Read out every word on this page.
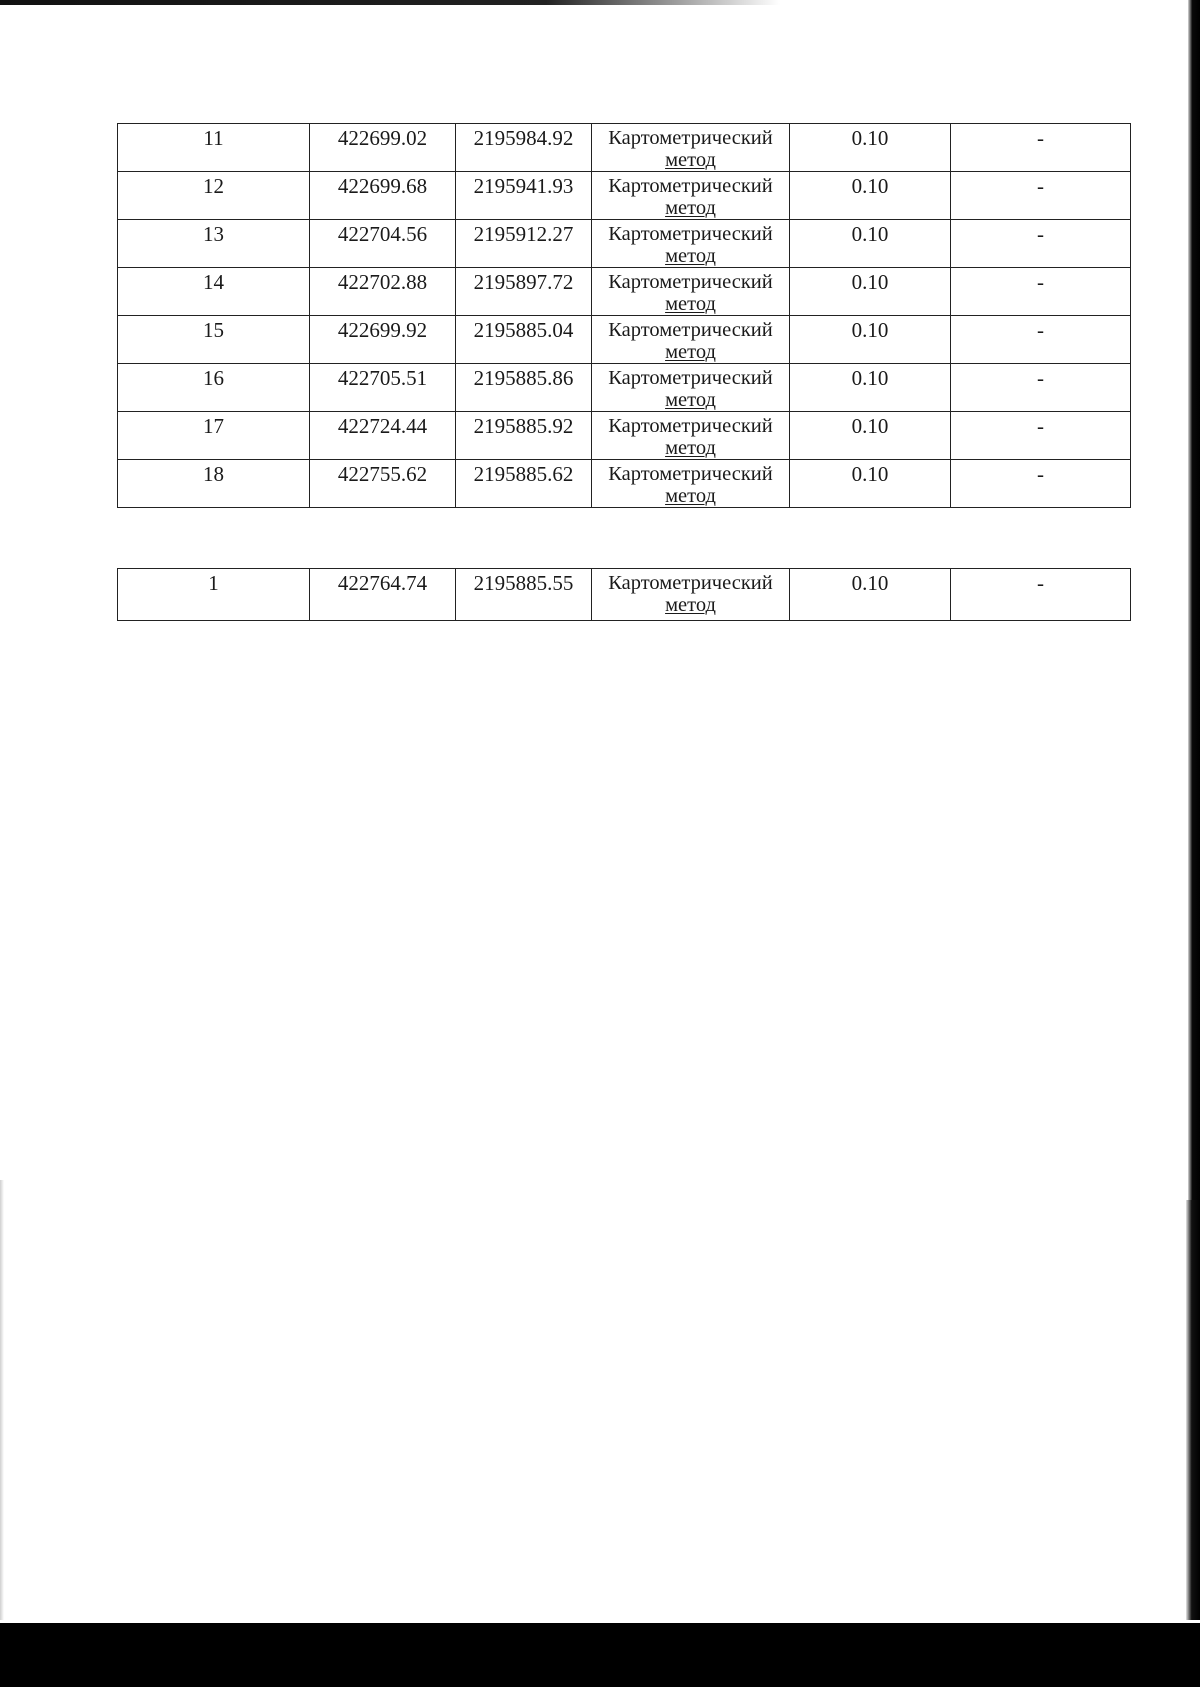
11	422699.02	2195984.92	Картометрический
метод	0.10	-
12	422699.68	2195941.93	Картометрический
метод	0.10	-
13	422704.56	2195912.27	Картометрический
метод	0.10	-
14	422702.88	2195897.72	Картометрический
метод	0.10	-
15	422699.92	2195885.04	Картометрический
метод	0.10	-
16	422705.51	2195885.86	Картометрический
метод	0.10	-
17	422724.44	2195885.92	Картометрический
метод	0.10	-
18	422755.62	2195885.62	Картометрический
метод	0.10	-
1	422764.74	2195885.55	Картометрический
метод
	0.10	-
